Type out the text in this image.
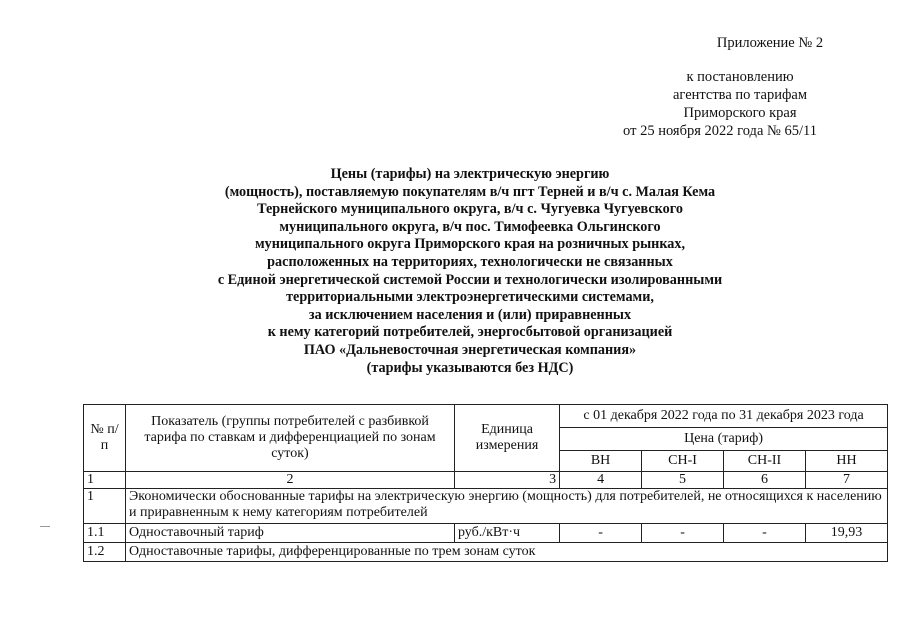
Приложение № 2
к постановлению
агентства по тарифам
Приморского края
от 25 ноября 2022 года № 65/11
Цены (тарифы) на электрическую энергию
(мощность), поставляемую покупателям в/ч пгт Терней и в/ч с. Малая Кема
Тернейского муниципального округа, в/ч с. Чугуевка Чугуевского
муниципального округа, в/ч пос. Тимофеевка Ольгинского
муниципального округа Приморского края на розничных рынках,
расположенных на территориях, технологически не связанных
с Единой энергетической системой России и технологически изолированными
территориальными электроэнергетическими системами,
за исключением населения и (или) приравненных
к нему категорий потребителей, энергосбытовой организацией
ПАО «Дальневосточная энергетическая компания»
(тарифы указываются без НДС)
№ п/п	Показатель (группы потребителей с разбивкой тарифа по ставкам и дифференциацией по зонам суток)	Единица измерения	с 01 декабря 2022 года по 31 декабря 2023 года			
			Цена (тариф)			
			ВН	СН-I	СН-II	НН
1	2	3	4	5	6	7
1	Экономически обоснованные тарифы на электрическую энергию (мощность) для потребителей, не относящихся к населению и приравненным к нему категориям потребителей					
1.1	Одноставочный тариф	руб./кВт·ч	-	-	-	19,93
1.2	Одноставочные тарифы, дифференцированные по трем зонам суток					
